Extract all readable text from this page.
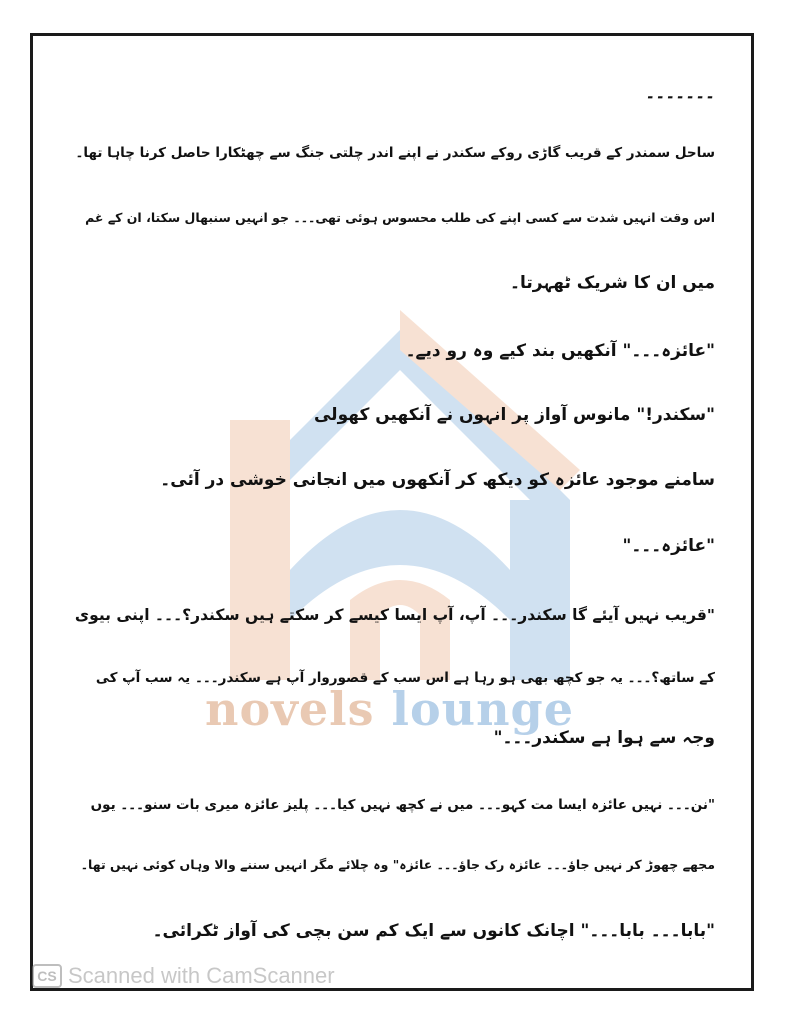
novels lounge
۔۔۔۔۔۔۔
ساحل سمندر کے قریب گاڑی روکے سکندر نے اپنے اندر چلتی جنگ سے چھٹکارا حاصل کرنا چاہا تھا۔
اس وقت انہیں شدت سے کسی اپنے کی طلب محسوس ہوئی تھی۔۔۔ جو انہیں سنبھال سکتا، ان کے غم
میں ان کا شریک ٹھہرتا۔
"عائزہ۔۔۔" آنکھیں بند کیے وہ رو دیے۔
"سکندر!" مانوس آواز پر انہوں نے آنکھیں کھولی
سامنے موجود عائزہ کو دیکھ کر آنکھوں میں انجانی خوشی در آئی۔
"عائزہ۔۔۔"
"قریب نہیں آیئے گا سکندر۔۔۔ آپ، آپ ایسا کیسے کر سکتے ہیں سکندر؟۔۔۔ اپنی بیوی
کے ساتھ؟۔۔۔ یہ جو کچھ بھی ہو رہا ہے اس سب کے قصوروار آپ ہے سکندر۔۔۔ یہ سب آپ کی
وجہ سے ہوا ہے سکندر۔۔۔"
"نن۔۔۔ نہیں عائزہ ایسا مت کہو۔۔۔ میں نے کچھ نہیں کیا۔۔۔ پلیز عائزہ میری بات سنو۔۔۔ یوں
مجھے چھوڑ کر نہیں جاؤ۔۔۔ عائزہ رک جاؤ۔۔۔ عائزہ" وہ چلائے مگر انہیں سننے والا وہاں کوئی نہیں تھا۔
"بابا۔۔۔ بابا۔۔۔" اچانک کانوں سے ایک کم سن بچی کی آواز ٹکرائی۔
CS Scanned with CamScanner
